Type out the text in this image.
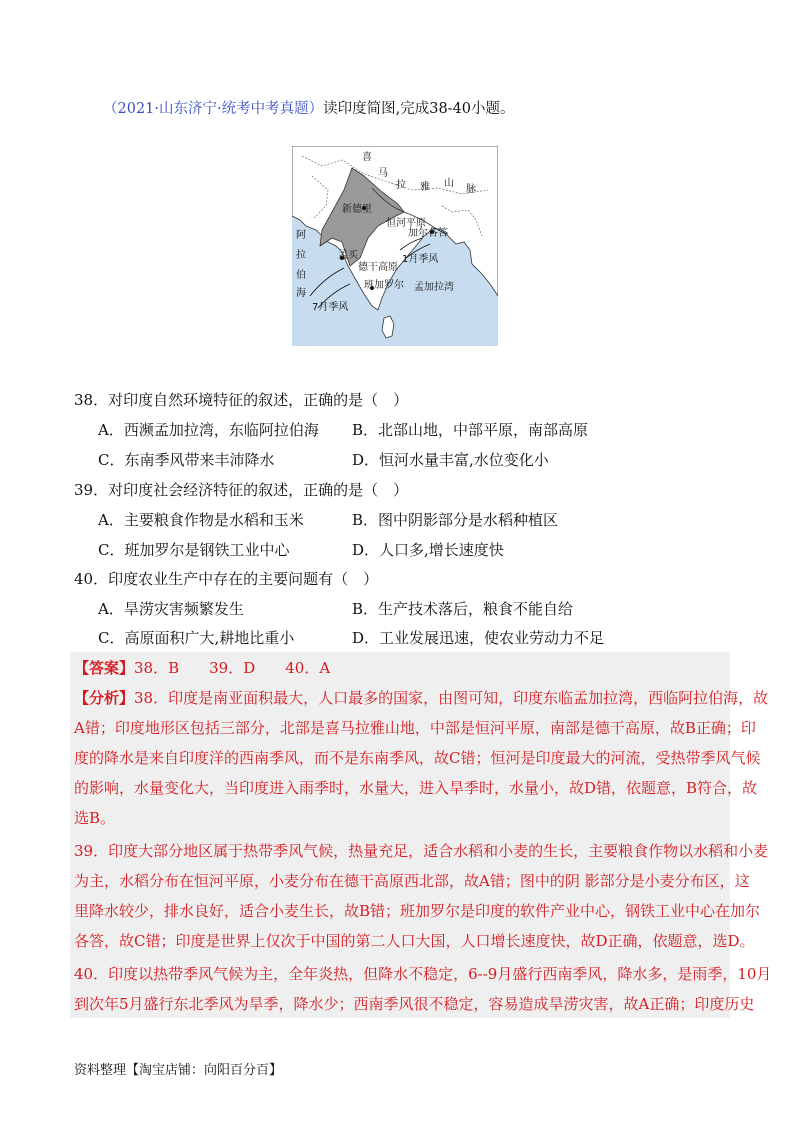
（2021·山东济宁·统考中考真题）读印度简图,完成38-40小题。
喜
马
拉 雅 山
脉
新德里
恒河平原
加尔各答
1月季风
孟买
德干高原
班加罗尔
7月季风
孟加拉湾
阿
拉
伯
海
38．对印度自然环境特征的叙述，正确的是（　）
A．西濒孟加拉湾，东临阿拉伯海 B．北部山地，中部平原，南部高原
C．东南季风带来丰沛降水	D．恒河水量丰富,水位变化小
39．对印度社会经济特征的叙述，正确的是（　）
A．主要粮食作物是水稻和玉米	B．图中阴影部分是水稻种植区
C．班加罗尔是钢铁工业中心	D．人口多,增长速度快
40．印度农业生产中存在的主要问题有（　）
A．旱涝灾害频繁发生	B．生产技术落后，粮食不能自给
C．高原面积广大,耕地比重小	D．工业发展迅速，使农业劳动力不足
【答案】38．B　　39．D　　40．A
【分析】38．印度是南亚面积最大，人口最多的国家，由图可知，印度东临孟加拉湾，西临阿拉伯海，故
A错；印度地形区包括三部分，北部是喜马拉雅山地，中部是恒河平原，南部是德干高原，故B正确；印
度的降水是来自印度洋的西南季风，而不是东南季风，故C错；恒河是印度最大的河流，受热带季风气候
的影响，水量变化大，当印度进入雨季时，水量大，进入旱季时，水量小，故D错，依题意，B符合，故
选B。
39．印度大部分地区属于热带季风气候，热量充足，适合水稻和小麦的生长，主要粮食作物以水稻和小麦
为主，水稻分布在恒河平原，小麦分布在德干高原西北部，故A错；图中的阴 影部分是小麦分布区，这
里降水较少，排水良好，适合小麦生长，故B错；班加罗尔是印度的软件产业中心，钢铁工业中心在加尔
各答，故C错；印度是世界上仅次于中国的第二人口大国，人口增长速度快，故D正确，依题意，选D。
40．印度以热带季风气候为主，全年炎热，但降水不稳定，6--9月盛行西南季风，降水多，是雨季，10月
到次年5月盛行东北季风为旱季，降水少；西南季风很不稳定，容易造成旱涝灾害，故A正确；印度历史
资料整理【淘宝店铺：向阳百分百】
